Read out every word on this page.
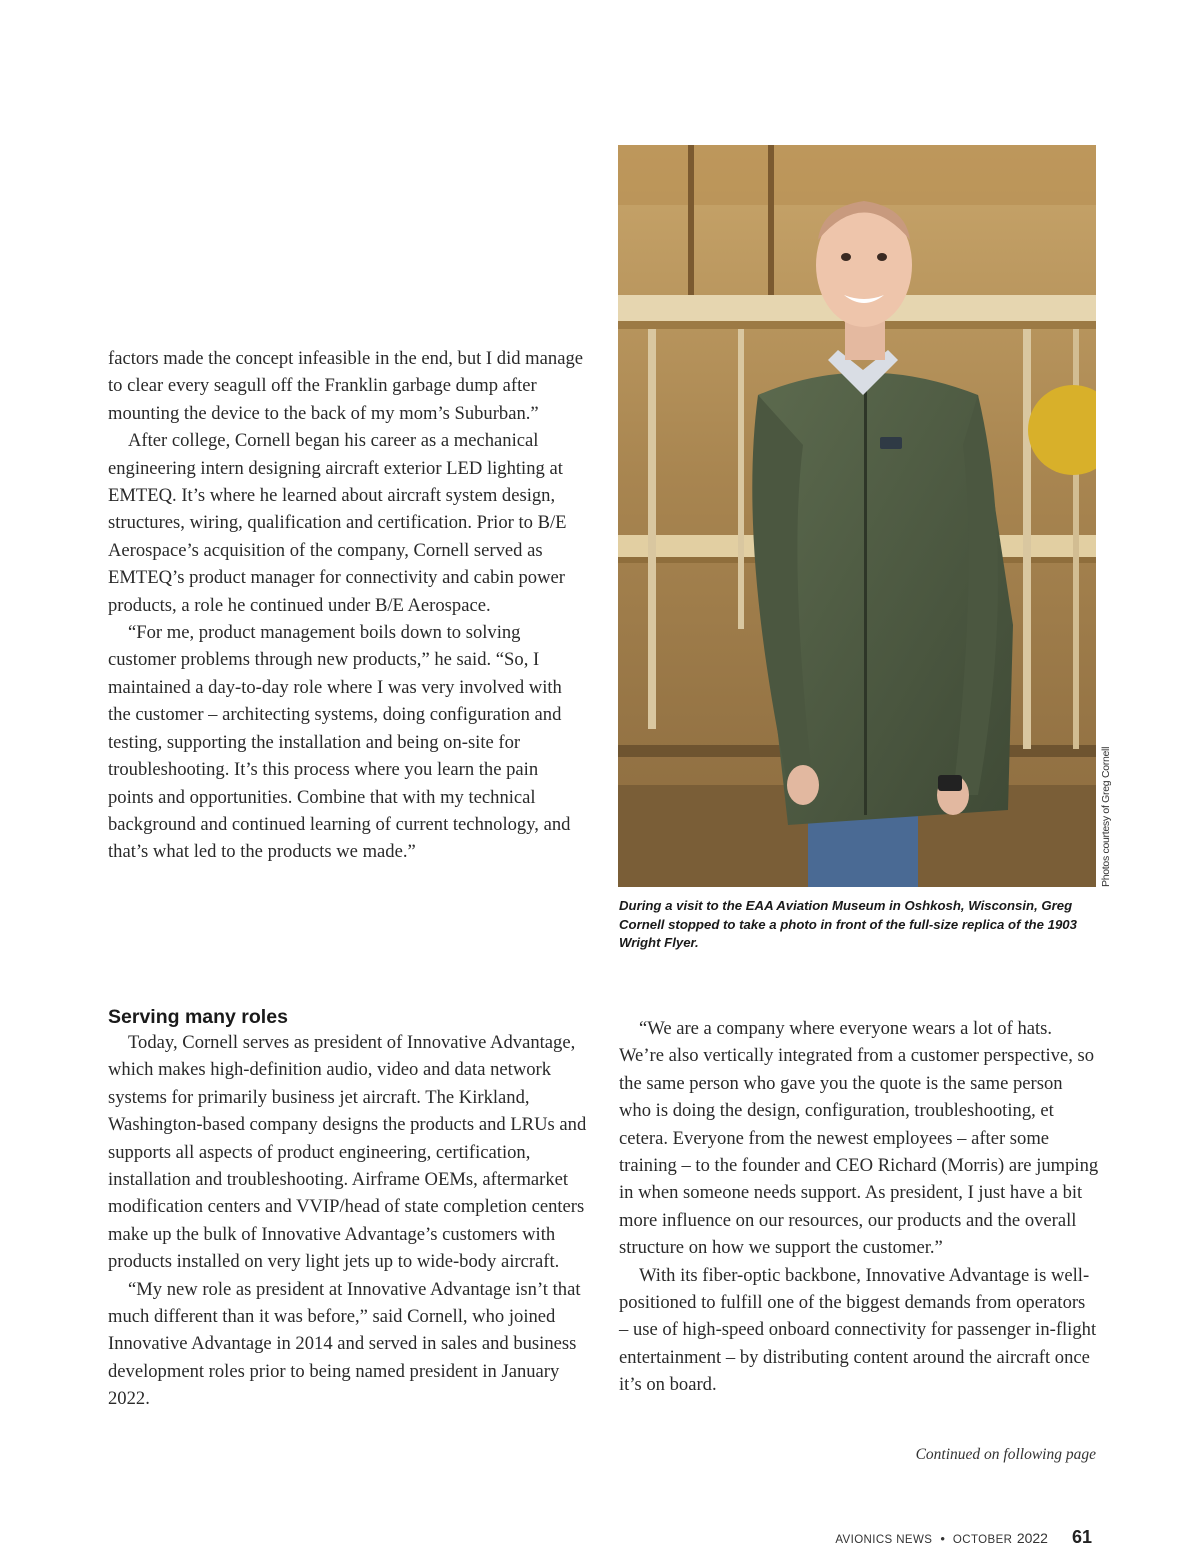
factors made the concept infeasible in the end, but I did manage to clear every seagull off the Franklin garbage dump after mounting the device to the back of my mom’s Suburban.”

After college, Cornell began his career as a mechanical engineering intern designing aircraft exterior LED lighting at EMTEQ. It’s where he learned about aircraft system design, structures, wiring, qualification and certification. Prior to B/E Aerospace’s acquisition of the company, Cornell served as EMTEQ’s product manager for connectivity and cabin power products, a role he continued under B/E Aerospace.

“For me, product management boils down to solving customer problems through new products,” he said. “So, I maintained a day-to-day role where I was very involved with the customer – architecting systems, doing configuration and testing, supporting the installation and being on-site for troubleshooting. It’s this process where you learn the pain points and opportunities. Combine that with my technical background and continued learning of current technology, and that’s what led to the products we made.”

Serving many roles

Today, Cornell serves as president of Innovative Advantage, which makes high-definition audio, video and data network systems for primarily business jet aircraft. The Kirkland, Washington-based company designs the products and LRUs and supports all aspects of product engineering, certification, installation and troubleshooting. Airframe OEMs, aftermarket modification centers and VVIP/head of state completion centers make up the bulk of Innovative Advantage’s customers with products installed on very light jets up to wide-body aircraft.

“My new role as president at Innovative Advantage isn’t that much different than it was before,” said Cornell, who joined Innovative Advantage in 2014 and served in sales and business development roles prior to being named president in January 2022.

Photos courtesy of Greg Cornell

During a visit to the EAA Aviation Museum in Oshkosh, Wisconsin, Greg Cornell stopped to take a photo in front of the full-size replica of the 1903 Wright Flyer.

“We are a company where everyone wears a lot of hats. We’re also vertically integrated from a customer perspective, so the same person who gave you the quote is the same person who is doing the design, configuration, troubleshooting, et cetera. Everyone from the newest employees – after some training – to the founder and CEO Richard (Morris) are jumping in when someone needs support. As president, I just have a bit more influence on our resources, our products and the overall structure on how we support the customer.”

With its fiber-optic backbone, Innovative Advantage is well-positioned to fulfill one of the biggest demands from operators – use of high-speed onboard connectivity for passenger in-flight entertainment – by distributing content around the aircraft once it’s on board.

Continued on following page

AVIONICS NEWS • OCTOBER 2022 61
